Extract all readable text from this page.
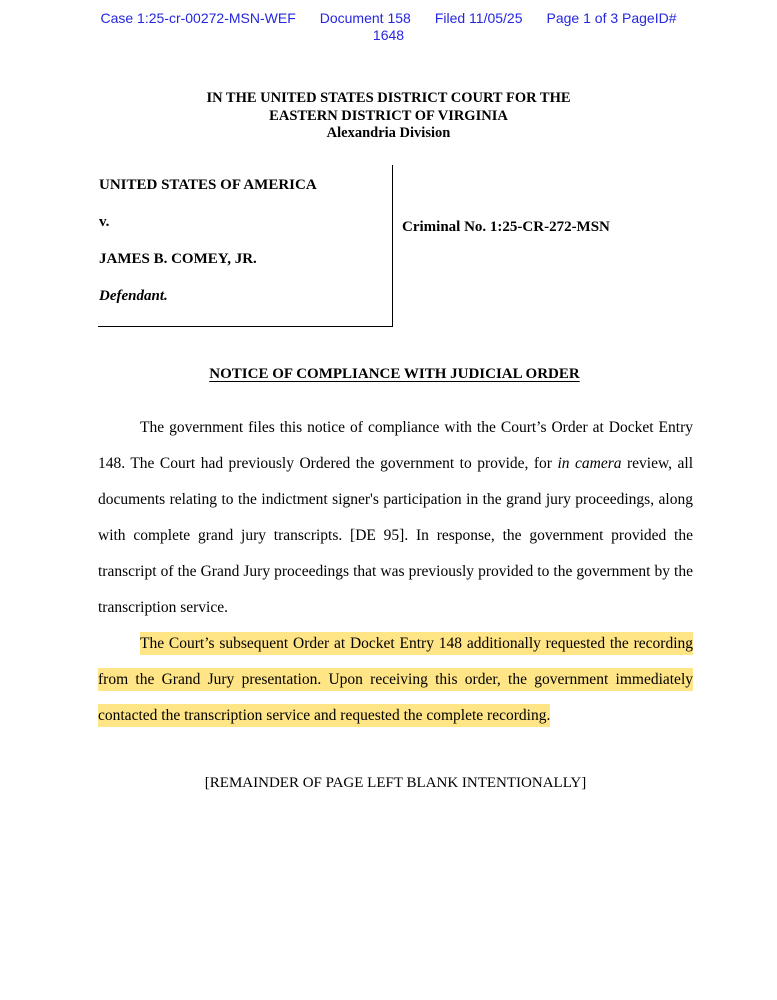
Case 1:25-cr-00272-MSN-WEF Document 158 Filed 11/05/25 Page 1 of 3 PageID#
1648
IN THE UNITED STATES DISTRICT COURT FOR THE
EASTERN DISTRICT OF VIRGINIA
Alexandria Division
UNITED STATES OF AMERICA
v.
JAMES B. COMEY, JR.
Defendant.
Criminal No. 1:25-CR-272-MSN
NOTICE OF COMPLIANCE WITH JUDICIAL ORDER

The government files this notice of compliance with the Court’s Order at Docket Entry 148. The Court had previously Ordered the government to provide, for in camera review, all documents relating to the indictment signer's participation in the grand jury proceedings, along with complete grand jury transcripts. [DE 95]. In response, the government provided the transcript of the Grand Jury proceedings that was previously provided to the government by the transcription service.

The Court’s subsequent Order at Docket Entry 148 additionally requested the recording from the Grand Jury presentation. Upon receiving this order, the government immediately contacted the transcription service and requested the complete recording.

[REMAINDER OF PAGE LEFT BLANK INTENTIONALLY]
